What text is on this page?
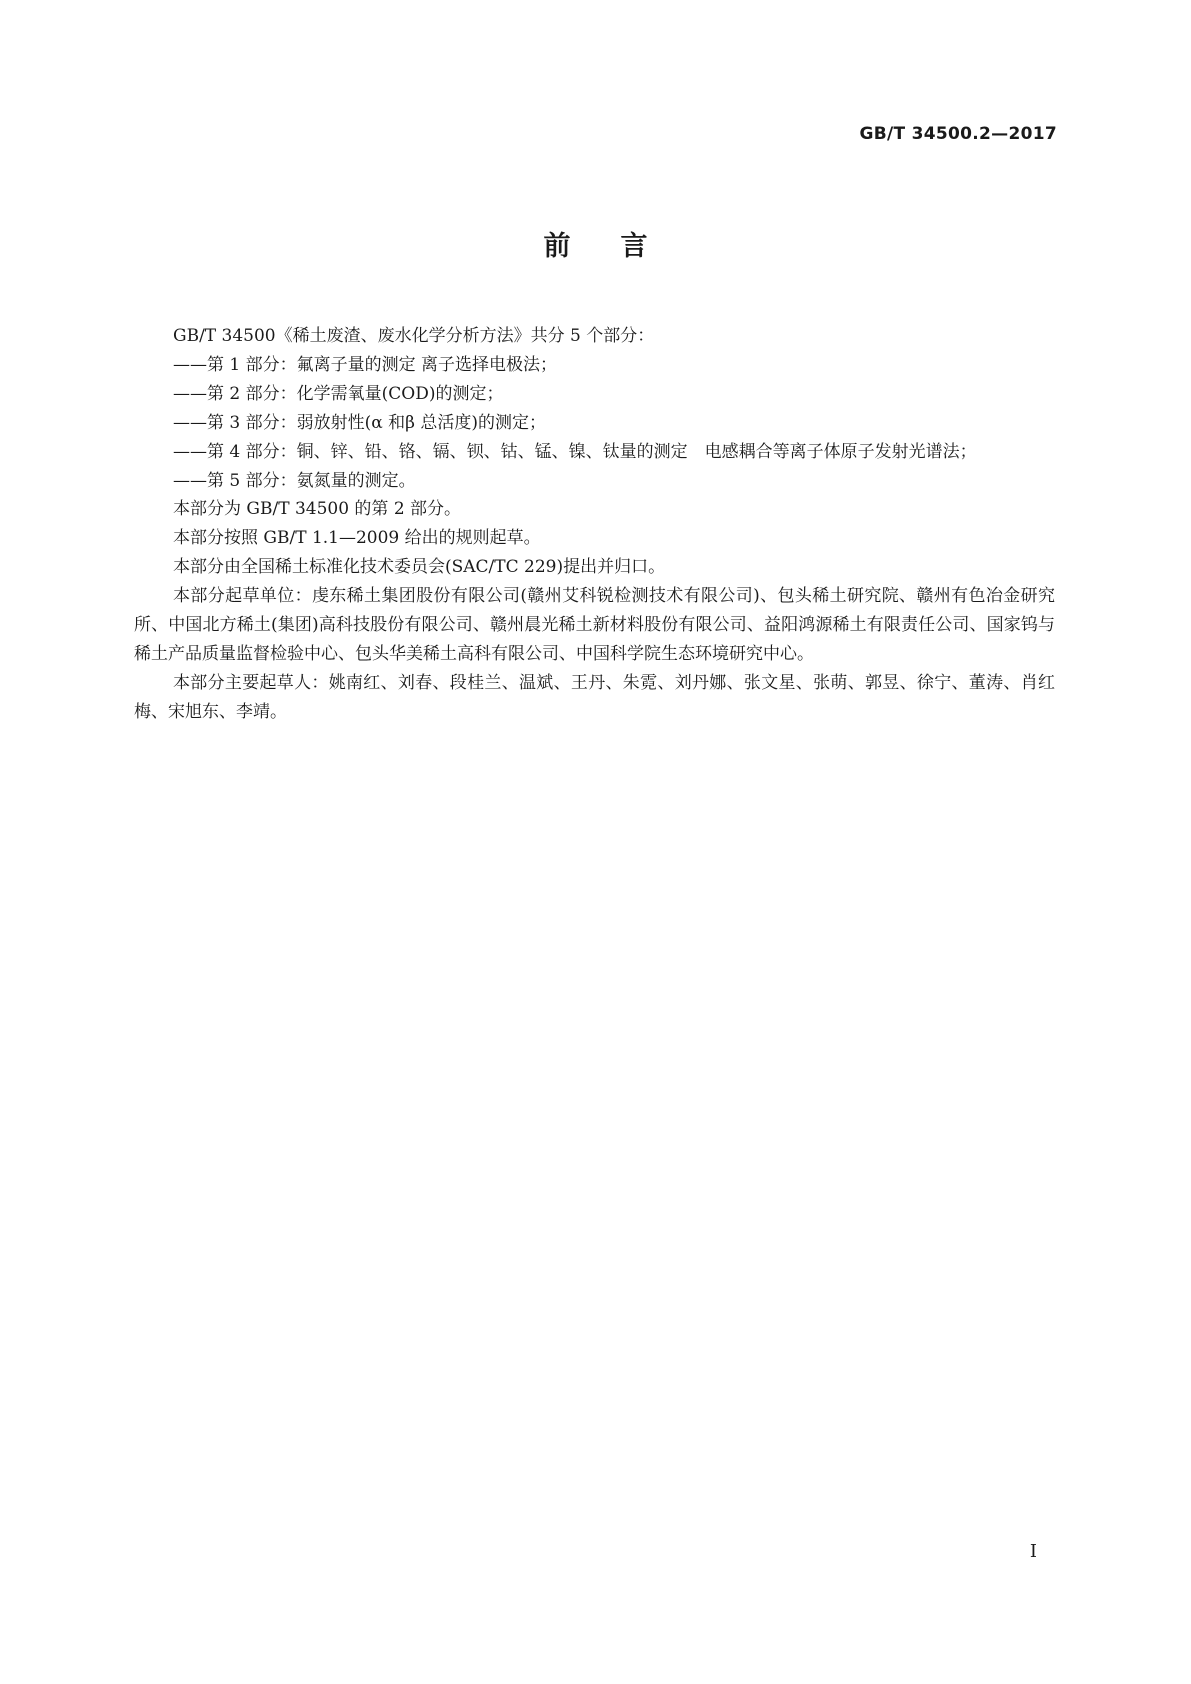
GB/T 34500.2—2017
前言

GB/T 34500《稀土废渣、废水化学分析方法》共分 5 个部分：

——第 1 部分：氟离子量的测定 离子选择电极法；

——第 2 部分：化学需氧量(COD)的测定；

——第 3 部分：弱放射性(α 和β 总活度)的测定；

——第 4 部分：铜、锌、铅、铬、镉、钡、钴、锰、镍、钛量的测定　电感耦合等离子体原子发射光谱法；

——第 5 部分：氨氮量的测定。

本部分为 GB/T 34500 的第 2 部分。

本部分按照 GB/T 1.1—2009 给出的规则起草。

本部分由全国稀土标准化技术委员会(SAC/TC 229)提出并归口。

本部分起草单位：虔东稀土集团股份有限公司(赣州艾科锐检测技术有限公司)、包头稀土研究院、赣州有色冶金研究所、中国北方稀土(集团)高科技股份有限公司、赣州晨光稀土新材料股份有限公司、益阳鸿源稀土有限责任公司、国家钨与稀土产品质量监督检验中心、包头华美稀土高科有限公司、中国科学院生态环境研究中心。

本部分主要起草人：姚南红、刘春、段桂兰、温斌、王丹、朱霓、刘丹娜、张文星、张萌、郭昱、徐宁、董涛、肖红梅、宋旭东、李靖。

I
